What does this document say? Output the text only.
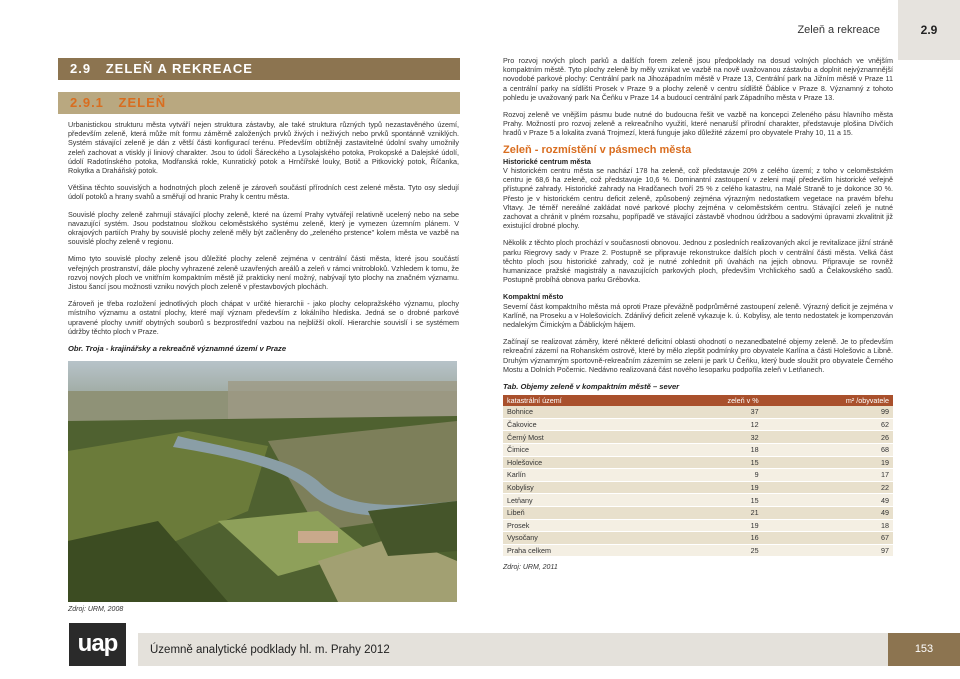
Zeleň a rekreace	2.9
2.9 ZELEŇ A REKREACE
2.9.1 ZELEŇ

Urbanistickou strukturu města vytváří nejen struktura zástavby, ale také struktura různých typů nezastavěného území, především zeleně, která může mít formu záměrně založených prvků živých i neživých nebo prvků spontánně vzniklých. Systém stávající zeleně je dán z větší části konfigurací terénu. Především obtížněji zastavitelné údolní svahy umožnily zeleň zachovat a vtiskly jí liniový charakter. Jsou to údolí Šáreckého a Lysolajského potoka, Prokopské a Dalejské údolí, údolí Radotínského potoka, Modřanská rokle, Kunratický potok a Hrnčířské louky, Botič a Pitkovický potok, Říčanka, Rokytka a Draháňský potok.

Většina těchto souvislých a hodnotných ploch zeleně je zároveň součástí přírodních cest zelené města. Tyto osy sledují údolí potoků a hrany svahů a směřují od hranic Prahy k centru města.

Souvislé plochy zeleně zahrnují stávající plochy zeleně, které na území Prahy vytvářejí relativně ucelený nebo na sebe navazující systém. Jsou podstatnou složkou celoměstského systému zeleně, který je vymezen územním plánem. V okrajových partiích Prahy by souvislé plochy zeleně měly být začleněny do „zeleného prstence" kolem města ve vazbě na souvislé plochy zeleně v regionu.

Mimo tyto souvislé plochy zeleně jsou důležité plochy zeleně zejména v centrální části města, které jsou součástí veřejných prostranství, dále plochy vyhrazené zeleně uzavřených areálů a zeleň v rámci vnitrobloků. Vzhledem k tomu, že rozvoj nových ploch ve vnitřním kompaktním městě již prakticky není možný, nabývají tyto plochy na značném významu. Jistou šancí jsou možnosti vzniku nových ploch zeleně v přestavbových plochách.

Zároveň je třeba rozložení jednotlivých ploch chápat v určité hierarchii - jako plochy celopražského významu, plochy místního významu a ostatní plochy, které mají význam především z lokálního hlediska. Jedná se o drobné parkové upravené plochy uvnitř obytných souborů s bezprostřední vazbou na nejbližší okolí. Hierarchie souvislí i se systémem údržby těchto ploch v Praze.

Obr. Troja - krajinářsky a rekreačně významné území v Praze
Zdroj: URM, 2008

Pro rozvoj nových ploch parků a dalších forem zeleně jsou předpoklady na dosud volných plochách ve vnějším kompaktním městě. Tyto plochy zeleně by měly vznikat ve vazbě na nově uvažovanou zástavbu a doplnit nejvýznamnější novodobé parkové plochy: Centrální park na Jihozápadním městě v Praze 13, Centrální park na Jižním městě v Praze 11 a centrální parky na sídlišti Prosek v Praze 9 a plochy zeleně v centru sídliště Ďáblice v Praze 8. Významný z tohoto pohledu je uvažovaný park Na Čeňku v Praze 14 a budoucí centrální park Západního města v Praze 13.

Rozvoj zeleně ve vnějším pásmu bude nutné do budoucna řešit ve vazbě na koncepci Zeleného pásu hlavního města Prahy. Možností pro rozvoj zeleně a rekreačního využití, které nenaruší přírodní charakter, představuje plošina Dívčích hradů v Praze 5 a lokalita zvaná Trojmezí, která funguje jako důležité zázemí pro obyvatele Prahy 10, 11 a 15.

Zeleň - rozmístění v pásmech města
Historické centrum města

V historickém centru města se nachází 178 ha zeleně, což představuje 20% z celého území; z toho v celoměstském centru je 68,6 ha zeleně, což představuje 10,6 %. Dominantní zastoupení v zeleni mají především historické veřejně přístupné zahrady. Historické zahrady na Hradčanech tvoří 25 % z celého katastru, na Malé Straně to je dokonce 30 %. Přesto je v historickém centru deficit zeleně, způsobený zejména výrazným nedostatkem vegetace na pravém břehu Vltavy. Je téměř nereálné zakládat nové parkové plochy zejména v celoměstském centru. Stávající zeleň je nutné zachovat a chránit v plném rozsahu, popřípadě ve stávající zástavbě vhodnou údržbou a sadovými úpravami zkvalitnit již existující drobné plochy.

Několik z těchto ploch prochází v současnosti obnovou. Jednou z posledních realizovaných akcí je revitalizace jižní stráně parku Riegrovy sady v Praze 2. Postupně se připravuje rekonstrukce dalších ploch v centrální části města. Velká část těchto ploch jsou historické zahrady, což je nutné zohlednit při úvahách na jejich obnovu. Připravuje se rovněž humanizace pražské magistrály a navazujících parkových ploch, především Vrchlického sadů a Čelakovského sadů. Postupně probíhá obnova parku Grébovka.

Kompaktní město

Severní část kompaktního města má oproti Praze převážně podprůměrné zastoupení zeleně. Výrazný deficit je zejména v Karlíně, na Proseku a v Holešovicích. Zdánlivý deficit zeleně vykazuje k. ú. Kobylisy, ale tento nedostatek je kompenzován nedalekým Čimickým a Ďáblickým hájem.

Začínají se realizovat záměry, které některé deficitní oblasti ohodnotí o nezanedbatelné objemy zeleně. Je to především rekreační zázemí na Rohanském ostrově, které by mělo zlepšit podmínky pro obyvatele Karlína a části Holešovic a Libně. Druhým významným sportovně-rekreačním zázemím se zeleni je park U Čeňku, který bude sloužit pro obyvatele Černého Mostu a Dolních Počernic. Nedávno realizovaná část nového lesoparku podpořila zeleň v Letňanech.

Tab. Objemy zeleně v kompaktním městě – sever
katastrální území	zeleň v %	m² /obyvatele
Bohnice	37	99
Čakovice	12	62
Černý Most	32	26
Čimice	18	68
Holešovice	15	19
Karlín	9	17
Kobylisy	19	22
Letňany	15	49
Libeň	21	49
Prosek	19	18
Vysočany	16	67
Praha celkem	25	97
Zdroj: URM, 2011
uap	Územně analytické podklady hl. m. Prahy 2012	153
